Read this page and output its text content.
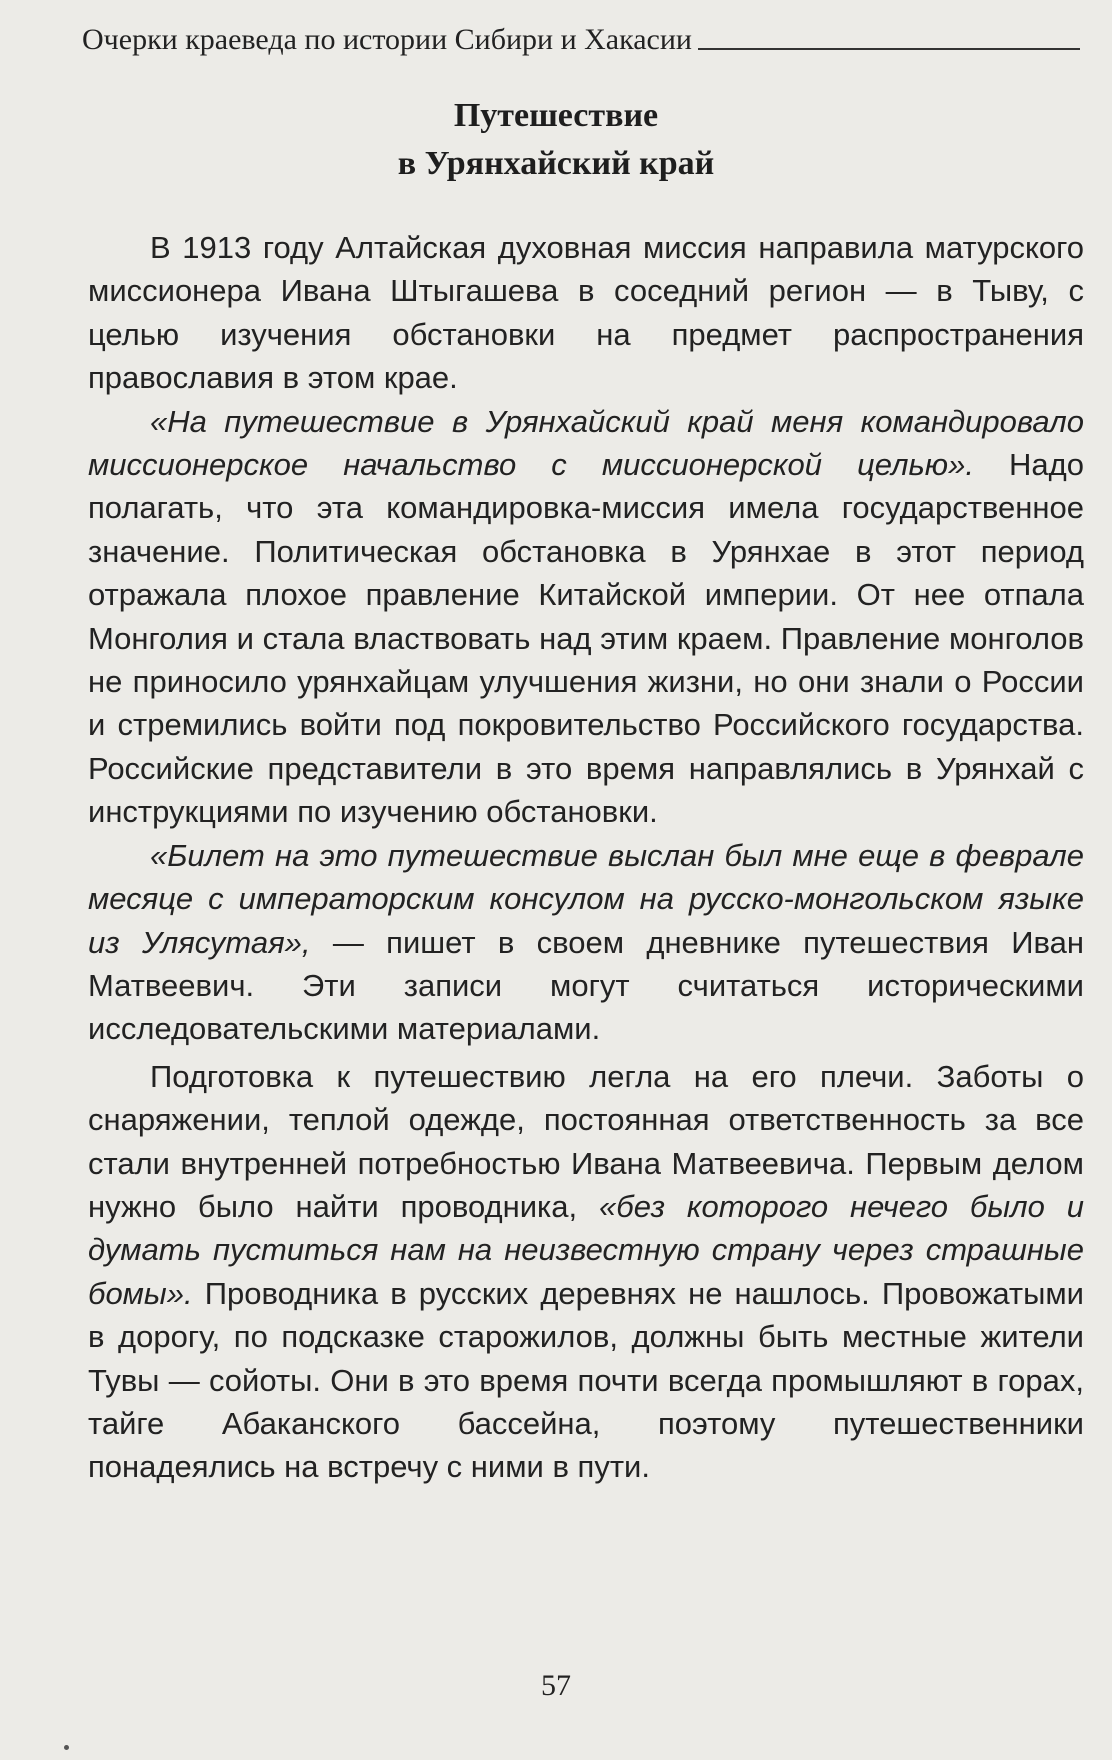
Очерки краеведа по истории Сибири и Хакасии
Путешествие
в Урянхайский край

В 1913 году Алтайская духовная миссия направила матурского миссионера Ивана Штыгашева в соседний регион — в Тыву, с целью изучения обстановки на предмет распространения православия в этом крае.

«На путешествие в Урянхайский край меня командировало миссионерское начальство с миссионерской целью». Надо полагать, что эта командировка-миссия имела государственное значение. Политическая обстановка в Урянхае в этот период отражала плохое правление Китайской империи. От нее отпала Монголия и стала властвовать над этим краем. Правление монголов не приносило урянхайцам улучшения жизни, но они знали о России и стремились войти под покровительство Российского государства. Российские представители в это время направлялись в Урянхай с инструкциями по изучению обстановки.

«Билет на это путешествие выслан был мне еще в феврале месяце с императорским консулом на русско-монгольском языке из Улясутая», — пишет в своем дневнике путешествия Иван Матвеевич. Эти записи могут считаться историческими исследовательскими материалами.

Подготовка к путешествию легла на его плечи. Заботы о снаряжении, теплой одежде, постоянная ответственность за все стали внутренней потребностью Ивана Матвеевича. Первым делом нужно было найти проводника, «без которого нечего было и думать пуститься нам на неизвестную страну через страшные бомы». Проводника в русских деревнях не нашлось. Провожатыми в дорогу, по подсказке старожилов, должны быть местные жители Тувы — сойоты. Они в это время почти всегда промышляют в горах, тайге Абаканского бассейна, поэтому путешественники понадеялись на встречу с ними в пути.

57
